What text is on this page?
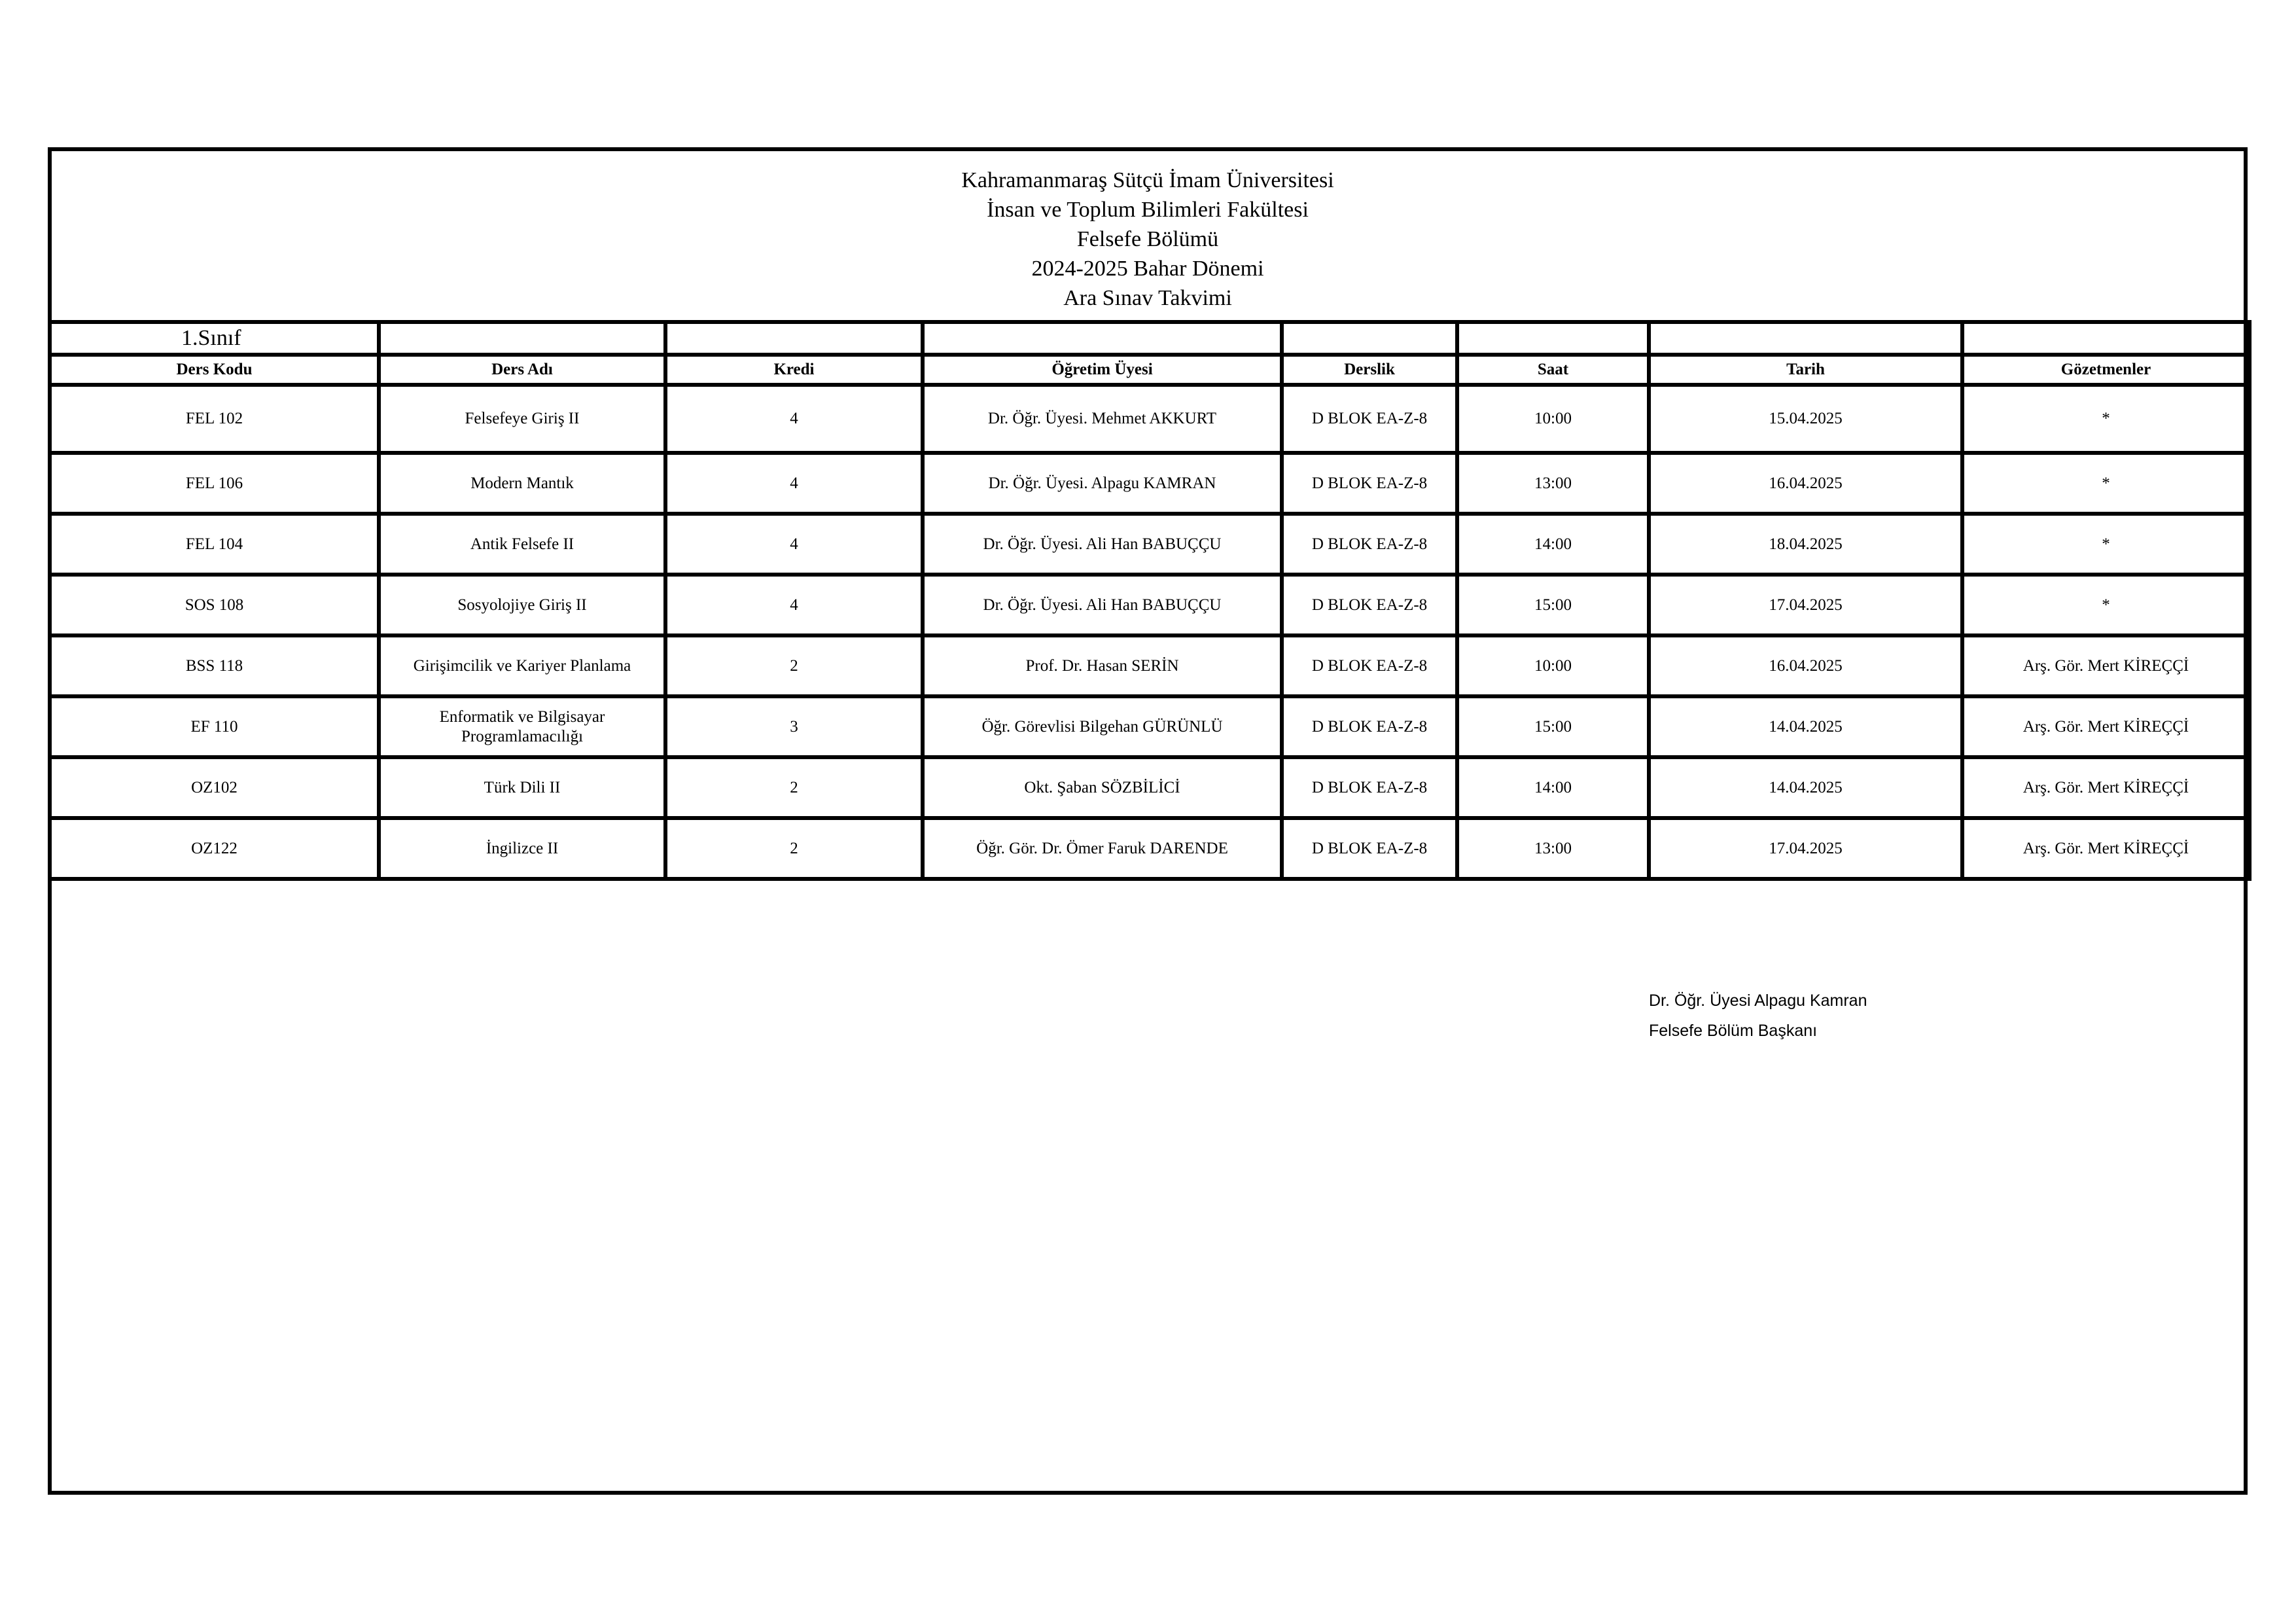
Kahramanmaraş Sütçü İmam Üniversitesi
İnsan ve Toplum Bilimleri Fakültesi
Felsefe Bölümü
2024-2025 Bahar Dönemi
Ara Sınav Takvimi
1.Sınıf							
Ders Kodu	Ders Adı	Kredi	Öğretim Üyesi	Derslik	Saat	Tarih	Gözetmenler
FEL 102	Felsefeye Giriş II	4	Dr. Öğr. Üyesi. Mehmet AKKURT	D BLOK EA-Z-8	10:00	15.04.2025	*
FEL 106	Modern Mantık	4	Dr. Öğr. Üyesi. Alpagu KAMRAN	D BLOK EA-Z-8	13:00	16.04.2025	*
FEL 104	Antik Felsefe II	4	Dr. Öğr. Üyesi. Ali Han BABUÇÇU	D BLOK EA-Z-8	14:00	18.04.2025	*
SOS 108	Sosyolojiye Giriş II	4	Dr. Öğr. Üyesi. Ali Han BABUÇÇU	D BLOK EA-Z-8	15:00	17.04.2025	*
BSS 118	Girişimcilik ve Kariyer Planlama	2	Prof. Dr. Hasan SERİN	D BLOK EA-Z-8	10:00	16.04.2025	Arş. Gör. Mert KİREÇÇİ
EF 110	Enformatik ve Bilgisayar Programlamacılığı	3	Öğr. Görevlisi Bilgehan GÜRÜNLÜ	D BLOK EA-Z-8	15:00	14.04.2025	Arş. Gör. Mert KİREÇÇİ
OZ102	Türk Dili II	2	Okt. Şaban SÖZBİLİCİ	D BLOK EA-Z-8	14:00	14.04.2025	Arş. Gör. Mert KİREÇÇİ
OZ122	İngilizce II	2	Öğr. Gör. Dr. Ömer Faruk DARENDE	D BLOK EA-Z-8	13:00	17.04.2025	Arş. Gör. Mert KİREÇÇİ
Dr. Öğr. Üyesi Alpagu Kamran
Felsefe Bölüm Başkanı
